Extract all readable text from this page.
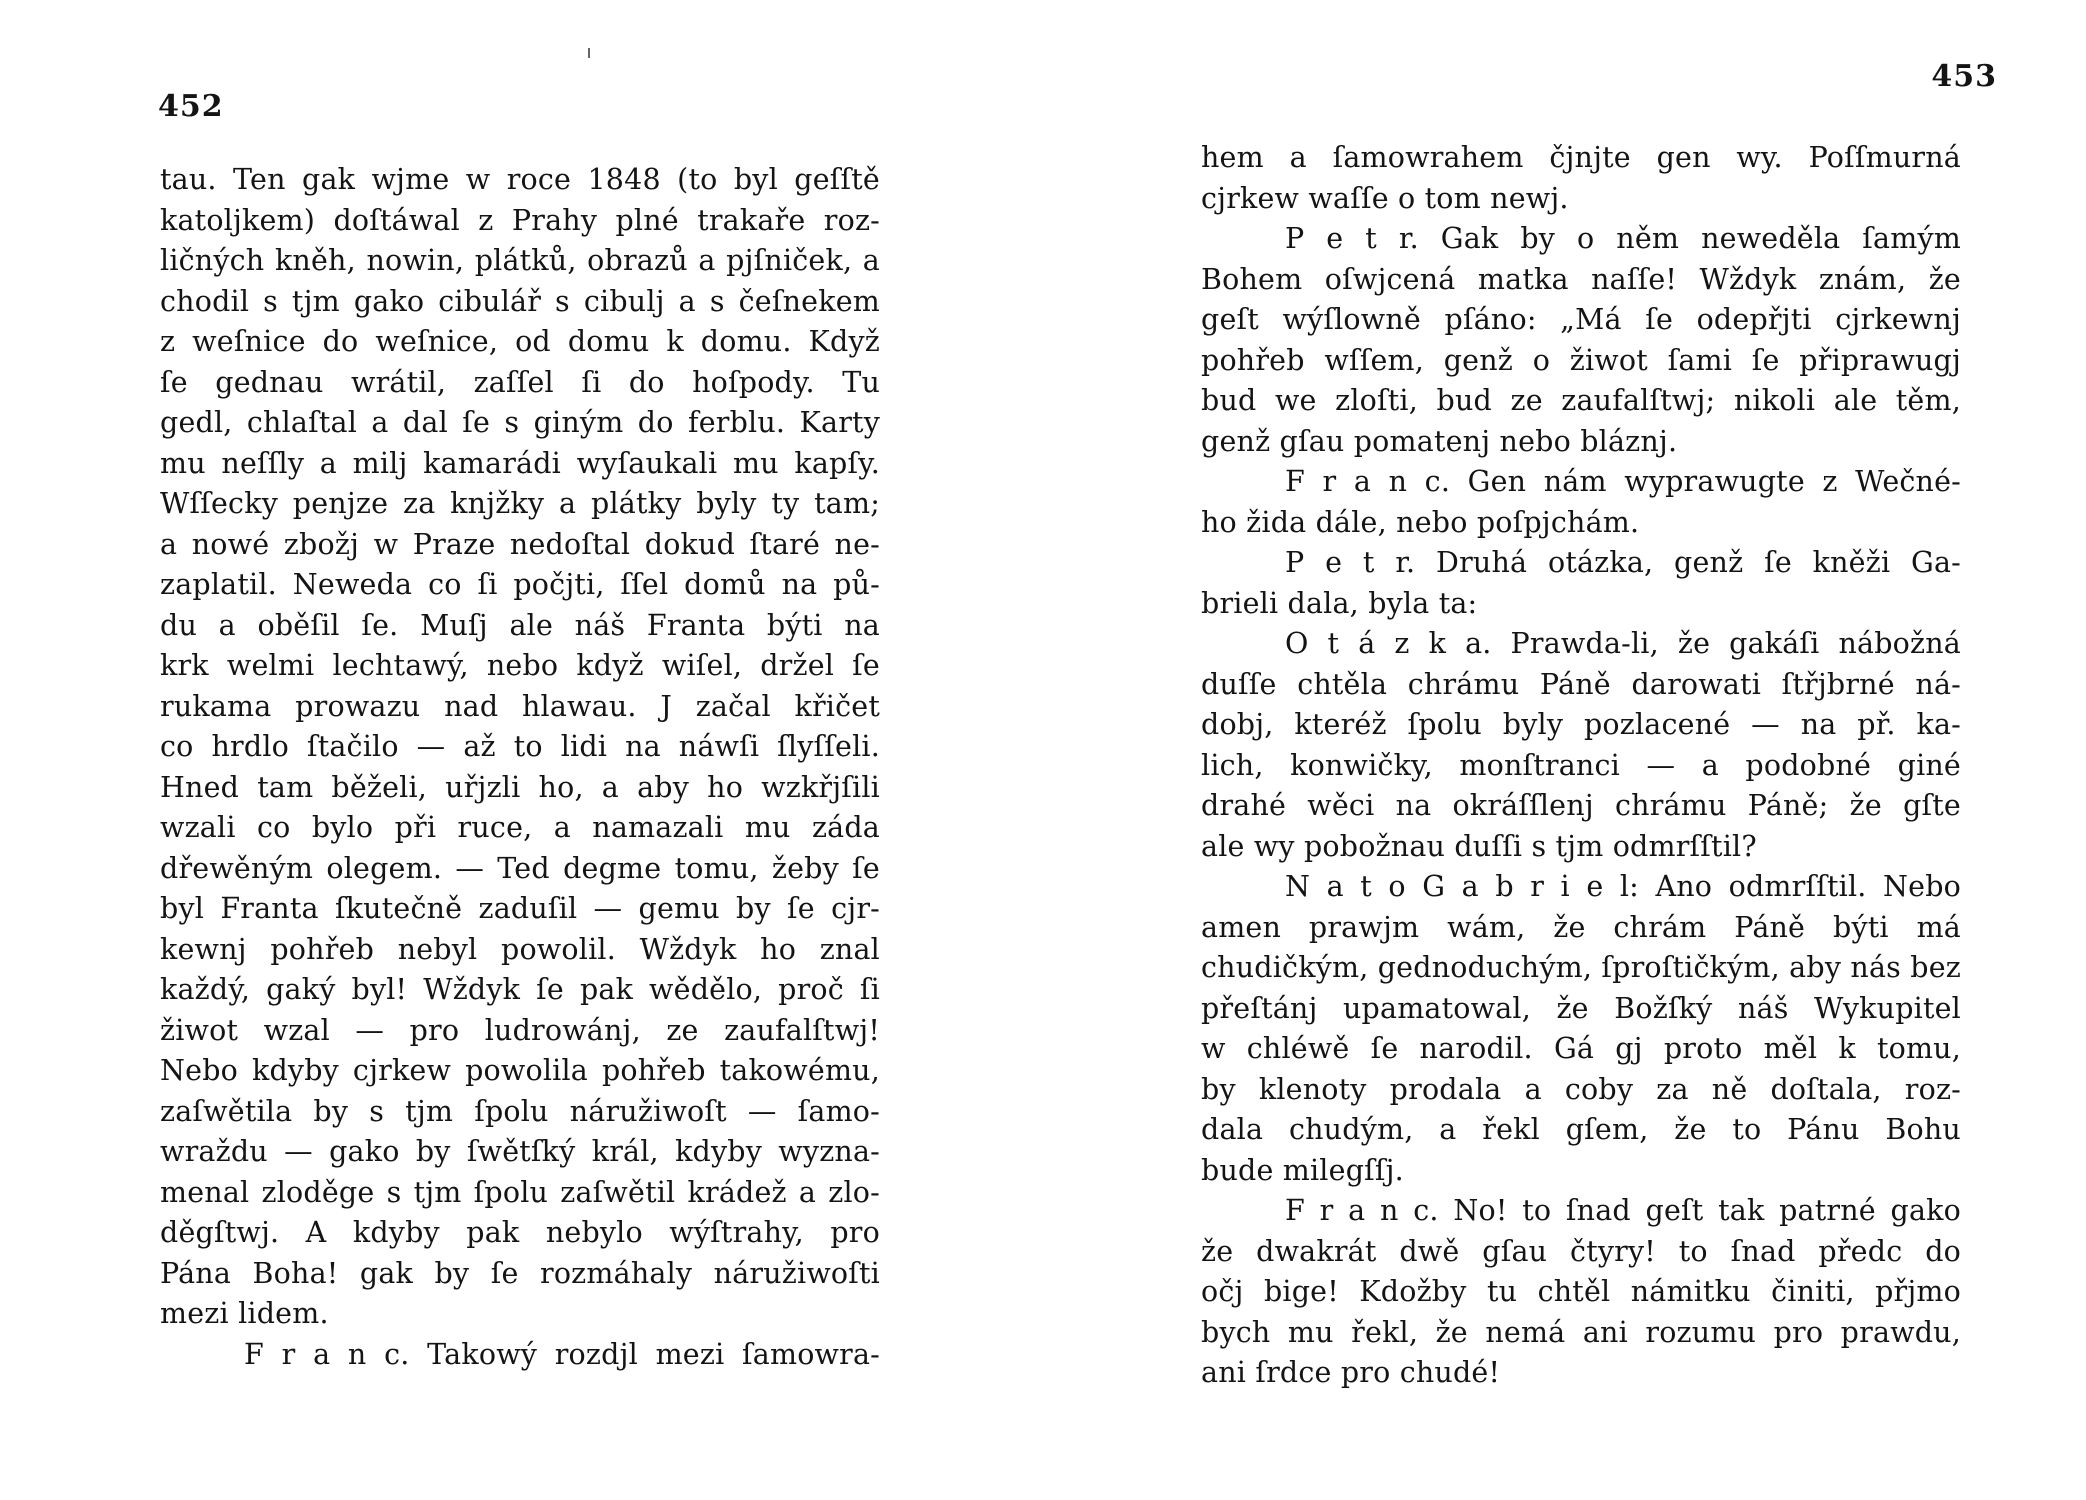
452
tau. Ten gak wjme w roce 1848 (to byl geſſtě
katoljkem) doſtáwal z Prahy plné trakaře roz-
ličných kněh, nowin, plátků, obrazů a pjſniček, a
chodil s tjm gako cibulář s cibulj a s čeſnekem
z weſnice do weſnice, od domu k domu. Když
ſe gednau wrátil, zaſſel ſi do hoſpody. Tu
gedl, chlaſtal a dal ſe s giným do ferblu. Karty
mu neſſly a milj kamarádi wyſaukali mu kapſy.
Wſſecky penjze za knjžky a plátky byly ty tam;
a nowé zbožj w Praze nedoſtal dokud ſtaré ne-
zaplatil. Neweda co ſi počjti, ſſel domů na pů-
du a oběſil ſe. Muſj ale náš Franta býti na
krk welmi lechtawý, nebo když wiſel, držel ſe
rukama prowazu nad hlawau. J začal křičet
co hrdlo ſtačilo — až to lidi na náwſi ſlyſſeli.
Hned tam běželi, uřjzli ho, a aby ho wzkřjſili
wzali co bylo při ruce, a namazali mu záda
dřewěným olegem. — Ted degme tomu, žeby ſe
byl Franta ſkutečně zaduſil — gemu by ſe cjr-
kewnj pohřeb nebyl powolil. Wždyk ho znal
každý, gaký byl! Wždyk ſe pak wědělo, proč ſi
žiwot wzal — pro ludrowánj, ze zaufalſtwj!
Nebo kdyby cjrkew powolila pohřeb takowému,
zaſwětila by s tjm ſpolu náružiwoſt — ſamo-
wraždu — gako by ſwětſký král, kdyby wyzna-
menal zloděge s tjm ſpolu zaſwětil krádež a zlo-
děgſtwj. A kdyby pak nebylo wýſtrahy, pro
Pána Boha! gak by ſe rozmáhaly náružiwoſti
mezi lidem.
F r a n c. Takowý rozdjl mezi ſamowra-
453
hem a ſamowrahem čjnjte gen wy. Poſſmurná
cjrkew waſſe o tom newj.
P e t r. Gak by o něm neweděla ſamým
Bohem oſwjcená matka naſſe! Wždyk znám, že
geſt wýſlowně pſáno: „Má ſe odepřjti cjrkewnj
pohřeb wſſem, genž o žiwot ſami ſe připrawugj
bud we zloſti, bud ze zaufalſtwj; nikoli ale těm,
genž gſau pomatenj nebo bláznj.
F r a n c. Gen nám wyprawugte z Wečné-
ho žida dále, nebo poſpjchám.
P e t r. Druhá otázka, genž ſe kněži Ga-
brieli dala, byla ta:
O t á z k a. Prawda-li, že gakáſi nábožná
duſſe chtěla chrámu Páně darowati ſtřjbrné ná-
dobj, kteréž ſpolu byly pozlacené — na př. ka-
lich, konwičky, monſtranci — a podobné giné
drahé wěci na okráſſlenj chrámu Páně; že gſte
ale wy pobožnau duſſi s tjm odmrſſtil?
N a t o G a b r i e l: Ano odmrſſtil. Nebo
amen prawjm wám, že chrám Páně býti má
chudičkým, gednoduchým, ſproſtičkým, aby nás bez
přeſtánj upamatowal, že Božſký náš Wykupitel
w chléwě ſe narodil. Gá gj proto měl k tomu,
by klenoty prodala a coby za ně doſtala, roz-
dala chudým, a řekl gſem, že to Pánu Bohu
bude milegſſj.
F r a n c. No! to ſnad geſt tak patrné gako
že dwakrát dwě gſau čtyry! to ſnad předc do
očj bige! Kdožby tu chtěl námitku činiti, přjmo
bych mu řekl, že nemá ani rozumu pro prawdu,
ani ſrdce pro chudé!
